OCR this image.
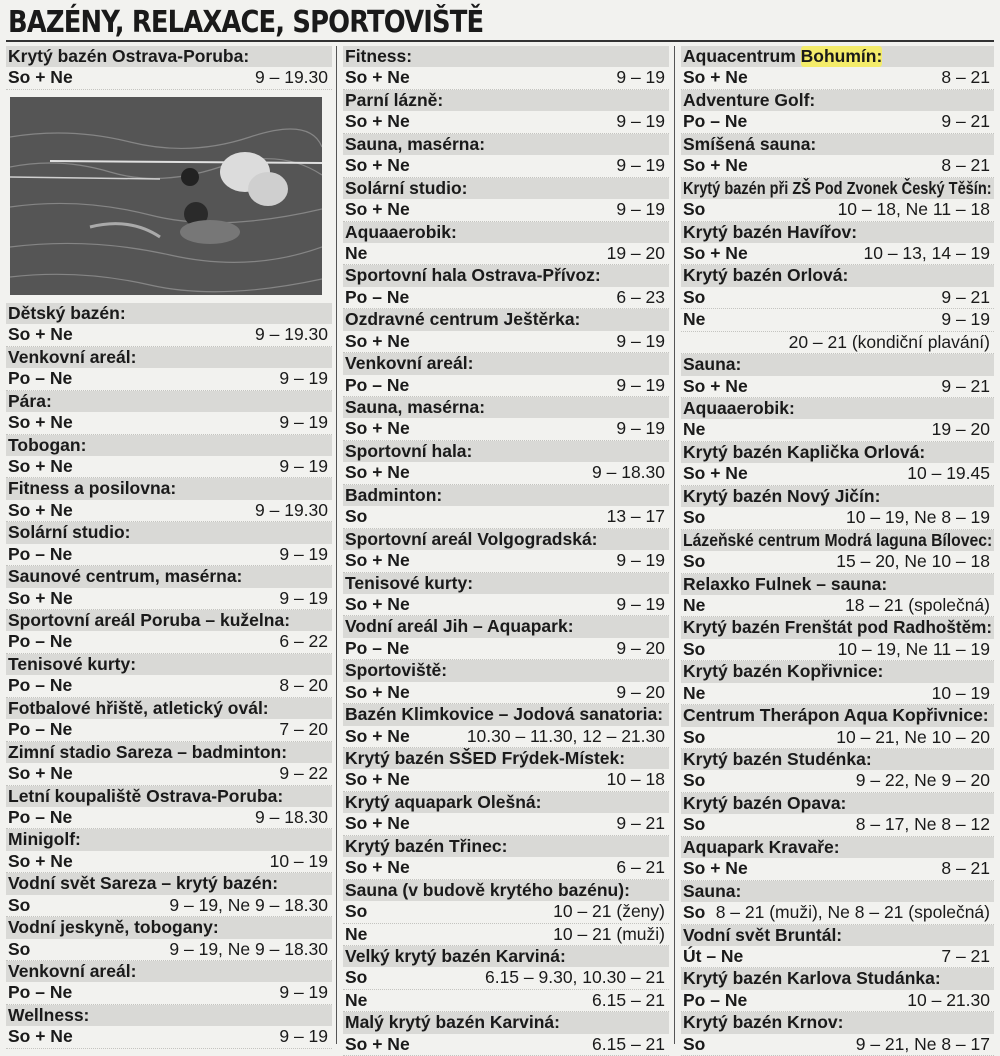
BAZÉNY, RELAXACE, SPORTOVIŠTĚ
Krytý bazén Ostrava-Poruba:
So + Ne	9 – 19.30
Dětský bazén:
So + Ne	9 – 19.30
Venkovní areál:
Po – Ne	9 – 19
Pára:
So + Ne	9 – 19
Tobogan:
So + Ne	9 – 19
Fitness a posilovna:
So + Ne	9 – 19.30
Solární studio:
Po – Ne	9 – 19
Saunové centrum, masérna:
So + Ne	9 – 19
Sportovní areál Poruba – kuželna:
Po – Ne	6 – 22
Tenisové kurty:
Po – Ne	8 – 20
Fotbalové hřiště, atletický ovál:
Po – Ne	7 – 20
Zimní stadio Sareza – badminton:
So + Ne	9 – 22
Letní koupaliště Ostrava-Poruba:
Po – Ne	9 – 18.30
Minigolf:
So + Ne	10 – 19
Vodní svět Sareza – krytý bazén:
So	9 – 19, Ne 9 – 18.30
Vodní jeskyně, tobogany:
So	9 – 19, Ne 9 – 18.30
Venkovní areál:
Po – Ne	9 – 19
Wellness:
So + Ne	9 – 19
Fitness:
So + Ne	9 – 19
Parní lázně:
So + Ne	9 – 19
Sauna, masérna:
So + Ne	9 – 19
Solární studio:
So + Ne	9 – 19
Aquaaerobik:
Ne	19 – 20
Sportovní hala Ostrava-Přívoz:
Po – Ne	6 – 23
Ozdravné centrum Ještěrka:
So + Ne	9 – 19
Venkovní areál:
Po – Ne	9 – 19
Sauna, masérna:
So + Ne	9 – 19
Sportovní hala:
So + Ne	9 – 18.30
Badminton:
So	13 – 17
Sportovní areál Volgogradská:
So + Ne	9 – 19
Tenisové kurty:
So + Ne	9 – 19
Vodní areál Jih – Aquapark:
Po – Ne	9 – 20
Sportoviště:
So + Ne	9 – 20
Bazén Klimkovice – Jodová sanatoria:
So + Ne	10.30 – 11.30, 12 – 21.30
Krytý bazén SŠED Frýdek-Místek:
So + Ne	10 – 18
Krytý aquapark Olešná:
So + Ne	9 – 21
Krytý bazén Třinec:
So + Ne	6 – 21
Sauna (v budově krytého bazénu):
So	10 – 21 (ženy)
Ne	10 – 21 (muži)
Velký krytý bazén Karviná:
So	6.15 – 9.30, 10.30 – 21
Ne	6.15 – 21
Malý krytý bazén Karviná:
So + Ne	6.15 – 21
Aquacentrum Bohumín:
So + Ne	8 – 21
Adventure Golf:
Po – Ne	9 – 21
Smíšená sauna:
So + Ne	8 – 21
Krytý bazén při ZŠ Pod Zvonek Český Těšín:
So	10 – 18, Ne 11 – 18
Krytý bazén Havířov:
So + Ne	10 – 13, 14 – 19
Krytý bazén Orlová:
So	9 – 21
Ne	9 – 19
20 – 21 (kondiční plavání)
Sauna:
So + Ne	9 – 21
Aquaaerobik:
Ne	19 – 20
Krytý bazén Kaplička Orlová:
So + Ne	10 – 19.45
Krytý bazén Nový Jičín:
So	10 – 19, Ne 8 – 19
Lázeňské centrum Modrá laguna Bílovec:
So	15 – 20, Ne 10 – 18
Relaxko Fulnek – sauna:
Ne	18 – 21 (společná)
Krytý bazén Frenštát pod Radhoštěm:
So	10 – 19, Ne 11 – 19
Krytý bazén Kopřivnice:
Ne	10 – 19
Centrum Therápon Aqua Kopřivnice:
So	10 – 21, Ne 10 – 20
Krytý bazén Studénka:
So	9 – 22, Ne 9 – 20
Krytý bazén Opava:
So	8 – 17, Ne 8 – 12
Aquapark Kravaře:
So + Ne	8 – 21
Sauna:
So 8 – 21 (muži), Ne 8 – 21 (společná)
Vodní svět Bruntál:
Út – Ne	7 – 21
Krytý bazén Karlova Studánka:
Po – Ne	10 – 21.30
Krytý bazén Krnov:
So	9 – 21, Ne 8 – 17
